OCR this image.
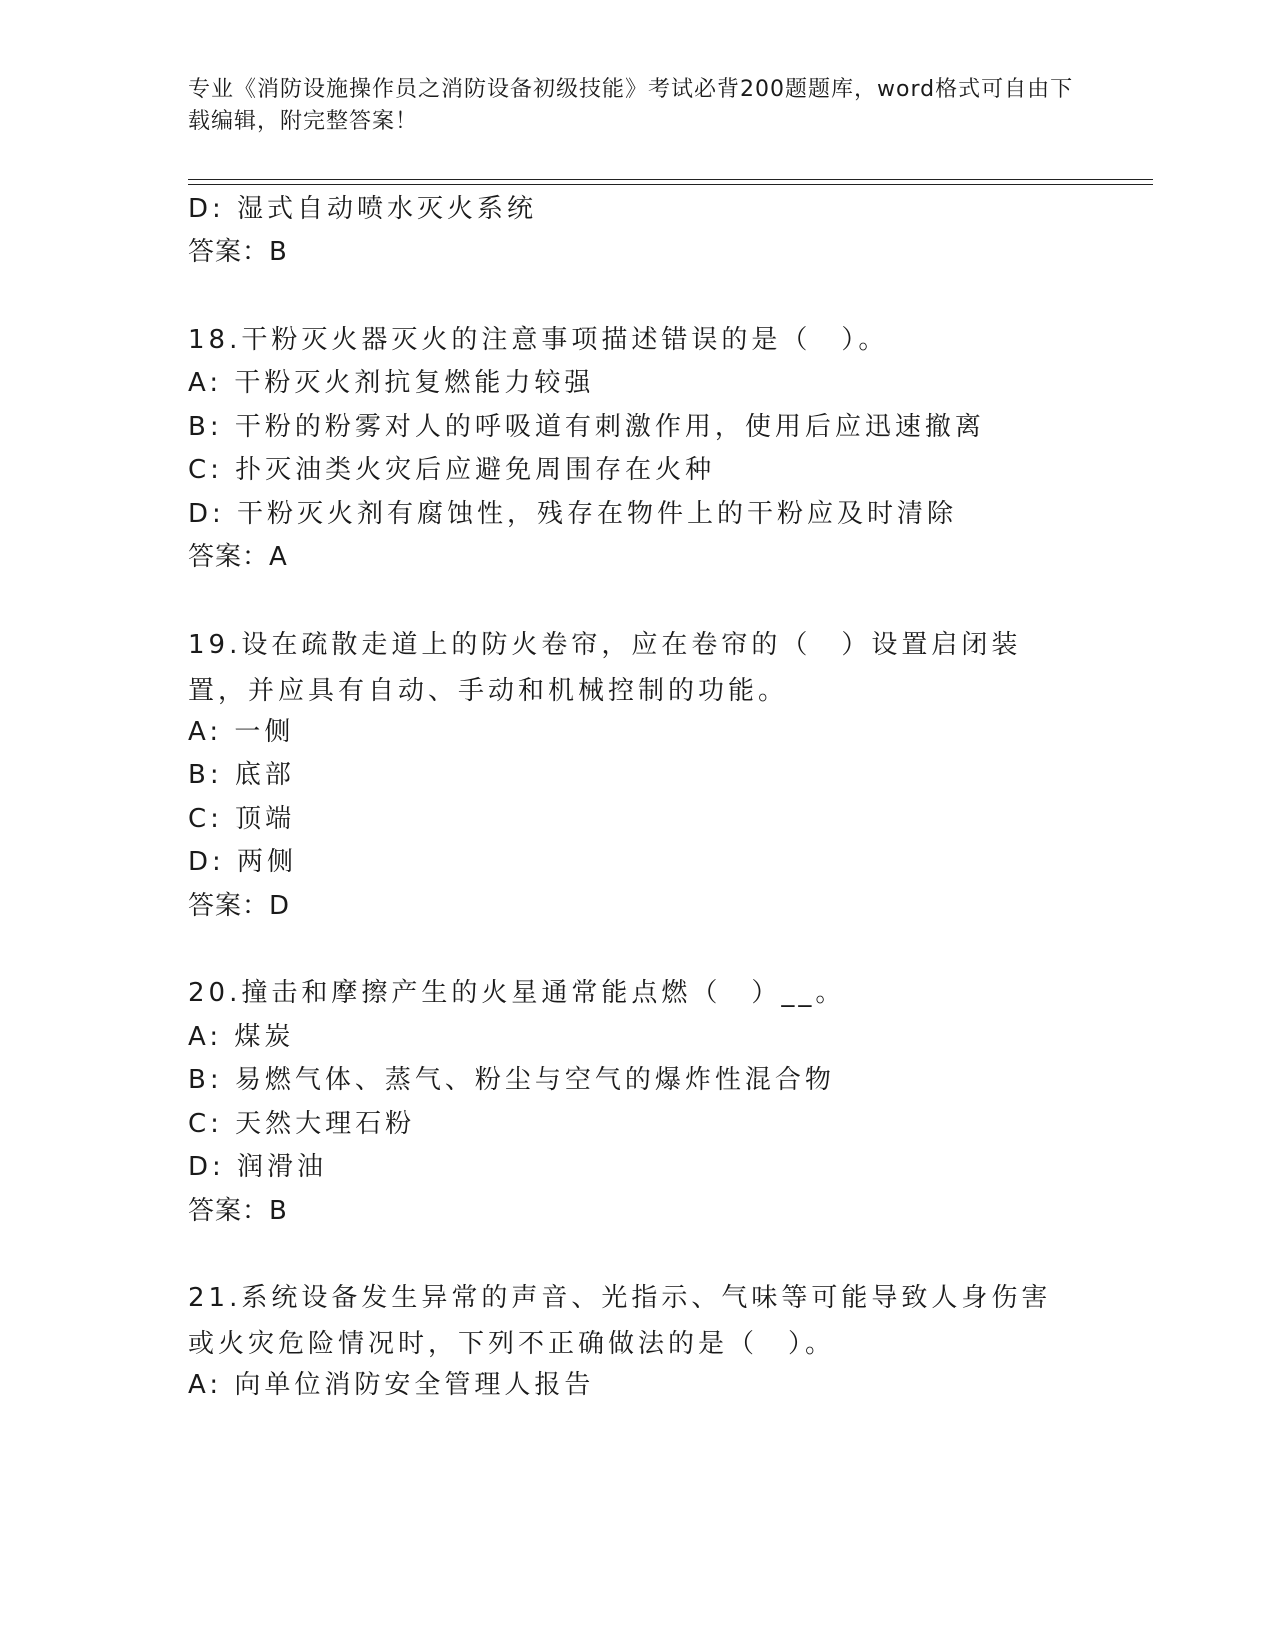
专业《消防设施操作员之消防设备初级技能》考试必背200题题库，word格式可自由下载编辑，附完整答案！
D: 湿式自动喷水灭火系统
答案：B
18.干粉灭火器灭火的注意事项描述错误的是（　）。
A: 干粉灭火剂抗复燃能力较强
B: 干粉的粉雾对人的呼吸道有刺激作用，使用后应迅速撤离
C: 扑灭油类火灾后应避免周围存在火种
D: 干粉灭火剂有腐蚀性，残存在物件上的干粉应及时清除
答案：A
19.设在疏散走道上的防火卷帘，应在卷帘的（　）设置启闭装置，并应具有自动、手动和机械控制的功能。
A: 一侧
B: 底部
C: 顶端
D: 两侧
答案：D
20.撞击和摩擦产生的火星通常能点燃（　）__。
A: 煤炭
B: 易燃气体、蒸气、粉尘与空气的爆炸性混合物
C: 天然大理石粉
D: 润滑油
答案：B
21.系统设备发生异常的声音、光指示、气味等可能导致人身伤害或火灾危险情况时，下列不正确做法的是（　）。
A: 向单位消防安全管理人报告
